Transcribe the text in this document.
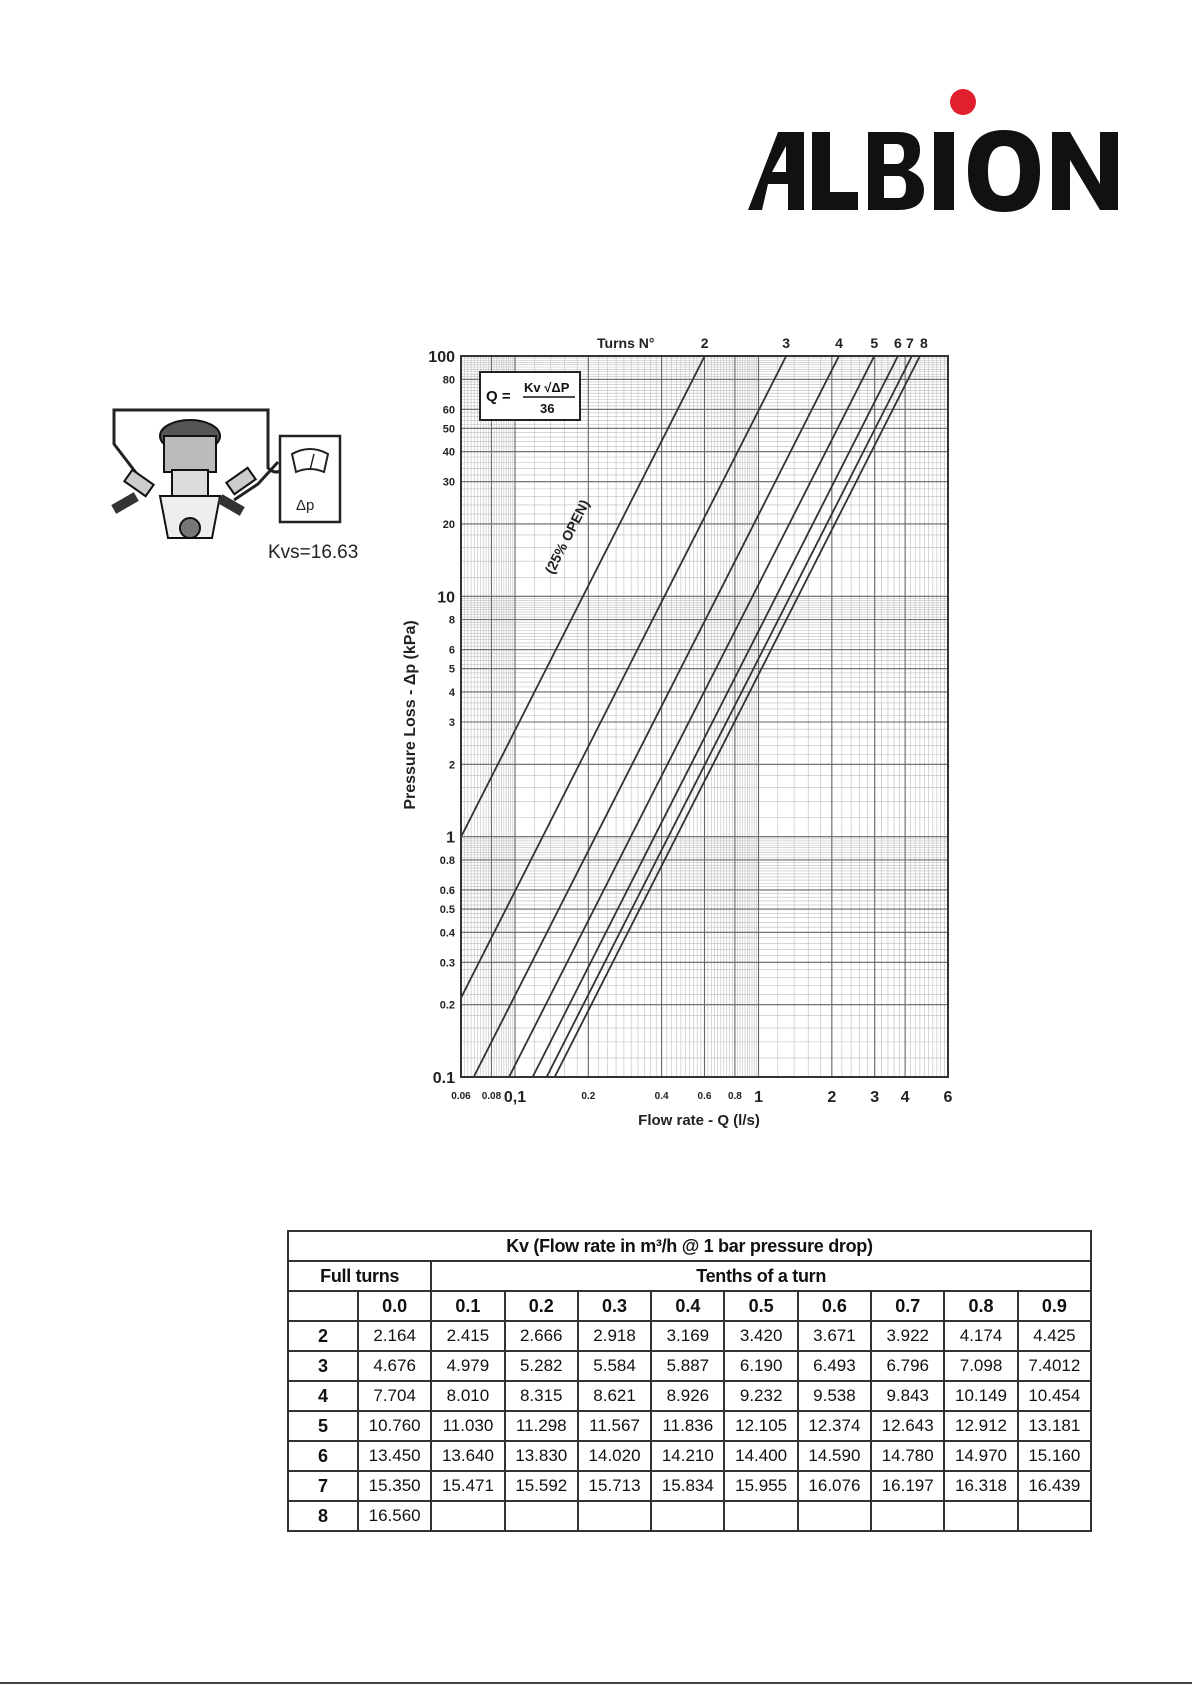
Δp
Kvs=16.63
0.1
0.2
0.3
0.4
0.5
0.6
0.8
1
2
3
4
5
6
8
10
20
30
40
50
60
80
100
0.06 0.08 0,1	0.2	0.4	0.6 0.8 1	2 3 4 6
2	3	4 5 6 7 8
Turns N°
Q =
Kv √ΔP
36
(25% OPEN)
Pressure Loss - Δp (kPa)
Flow rate - Q (l/s)
Kv (Flow rate in m³/h @ 1 bar pressure drop)										
Full turns		Tenths of a turn								
	0.0	0.1	0.2	0.3	0.4	0.5	0.6	0.7	0.8	0.9
2	2.164	2.415	2.666	2.918	3.169	3.420	3.671	3.922	4.174	4.425
3	4.676	4.979	5.282	5.584	5.887	6.190	6.493	6.796	7.098	7.4012
4	7.704	8.010	8.315	8.621	8.926	9.232	9.538	9.843	10.149	10.454
5	10.760	11.030	11.298	11.567	11.836	12.105	12.374	12.643	12.912	13.181
6	13.450	13.640	13.830	14.020	14.210	14.400	14.590	14.780	14.970	15.160
7	15.350	15.471	15.592	15.713	15.834	15.955	16.076	16.197	16.318	16.439
8	16.560									
